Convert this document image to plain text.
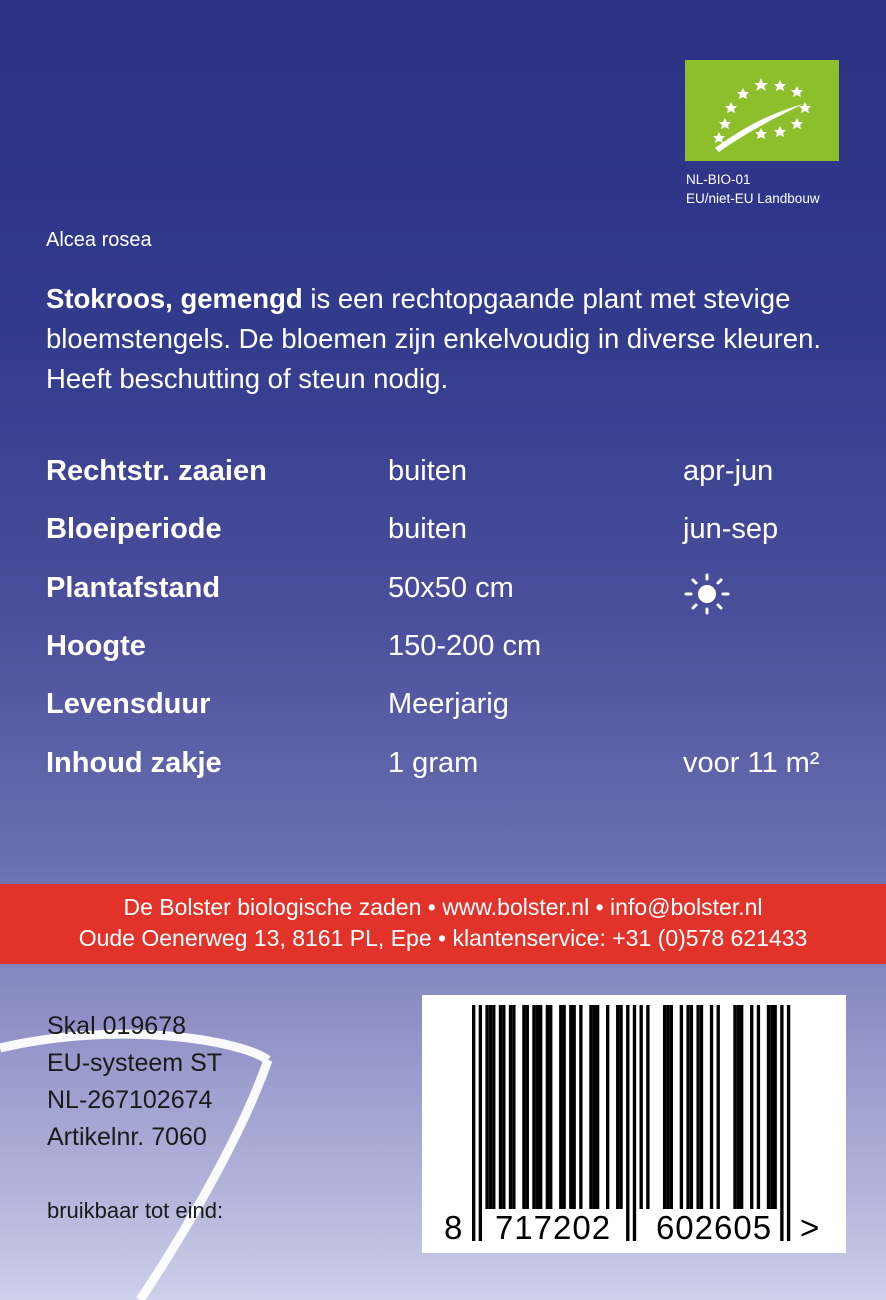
NL-BIO-01
EU/niet-EU Landbouw
Alcea rosea
Stokroos, gemengd is een rechtopgaande plant met stevige bloemstengels. De bloemen zijn enkelvoudig in diverse kleuren. Heeft beschutting of steun nodig.
Rechtstr. zaaien	buiten	apr-jun
Bloeiperiode	buiten	jun-sep
Plantafstand	50x50 cm
Hoogte	150-200 cm
Levensduur	Meerjarig
Inhoud zakje	1 gram	voor 11 m²
De Bolster biologische zaden • www.bolster.nl • info@bolster.nl
Oude Oenerweg 13, 8161 PL, Epe • klantenservice: +31 (0)578 621433
Skal 019678
EU-systeem ST
NL-267102674
Artikelnr. 7060
bruikbaar tot eind:	8 717202	602605 >
